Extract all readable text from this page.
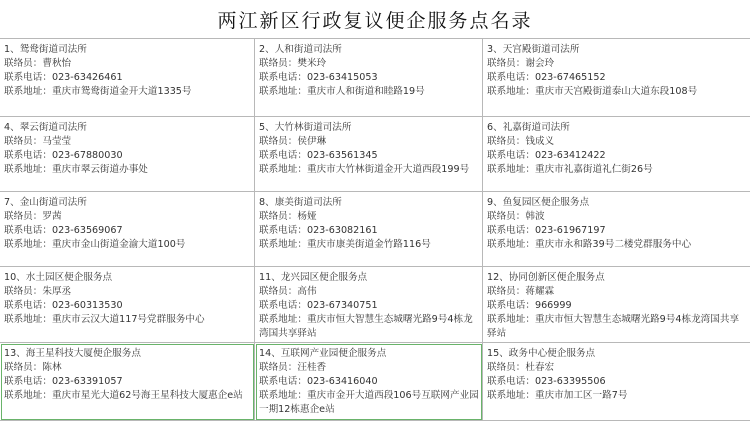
两江新区行政复议便企服务点名录
1、鸳鸯街道司法所
联络员：曹秋怡
联系电话：023-63426461
联系地址：重庆市鸳鸯街道金开大道1335号
2、人和街道司法所
联络员：樊米玲
联系电话：023-63415053
联系地址：重庆市人和街道和睦路19号
3、天宫殿街道司法所
联络员：谢会玲
联系电话：023-67465152
联系地址：重庆市天宫殿街道泰山大道东段108号
4、翠云街道司法所
联络员：马莹莹
联系电话：023-67880030
联系地址：重庆市翠云街道办事处
5、大竹林街道司法所
联络员：侯伊琳
联系电话：023-63561345
联系地址：重庆市大竹林街道金开大道西段199号
6、礼嘉街道司法所
联络员：钱成义
联系电话：023-63412422
联系地址：重庆市礼嘉街道礼仁街26号
7、金山街道司法所
联络员：罗茜
联系电话：023-63569067
联系地址：重庆市金山街道金渝大道100号
8、康美街道司法所
联络员：杨娅
联系电话：023-63082161
联系地址：重庆市康美街道金竹路116号
9、鱼复园区便企服务点
联络员：韩波
联系电话：023-61967197
联系地址：重庆市永和路39号二楼党群服务中心
10、水土园区便企服务点
联络员：朱厚丞
联系电话：023-60313530
联系地址：重庆市云汉大道117号党群服务中心
11、龙兴园区便企服务点
联络员：高伟
联系电话：023-67340751
联系地址：重庆市恒大智慧生态城曙光路9号4栋龙湾国共享驿站
12、协同创新区便企服务点
联络员：蒋耀霖
联系电话：966999
联系地址：重庆市恒大智慧生态城曙光路9号4栋龙湾国共享驿站
13、海王星科技大厦便企服务点
联络员：陈林
联系电话：023-63391057
联系地址：重庆市星光大道62号海王星科技大厦惠企e站
14、互联网产业园便企服务点
联络员：汪桂香
联系电话：023-63416040
联系地址：重庆市金开大道西段106号互联网产业园一期12栋惠企e站
15、政务中心便企服务点
联络员：杜春宏
联系电话：023-63395506
联系地址：重庆市加工区一路7号
